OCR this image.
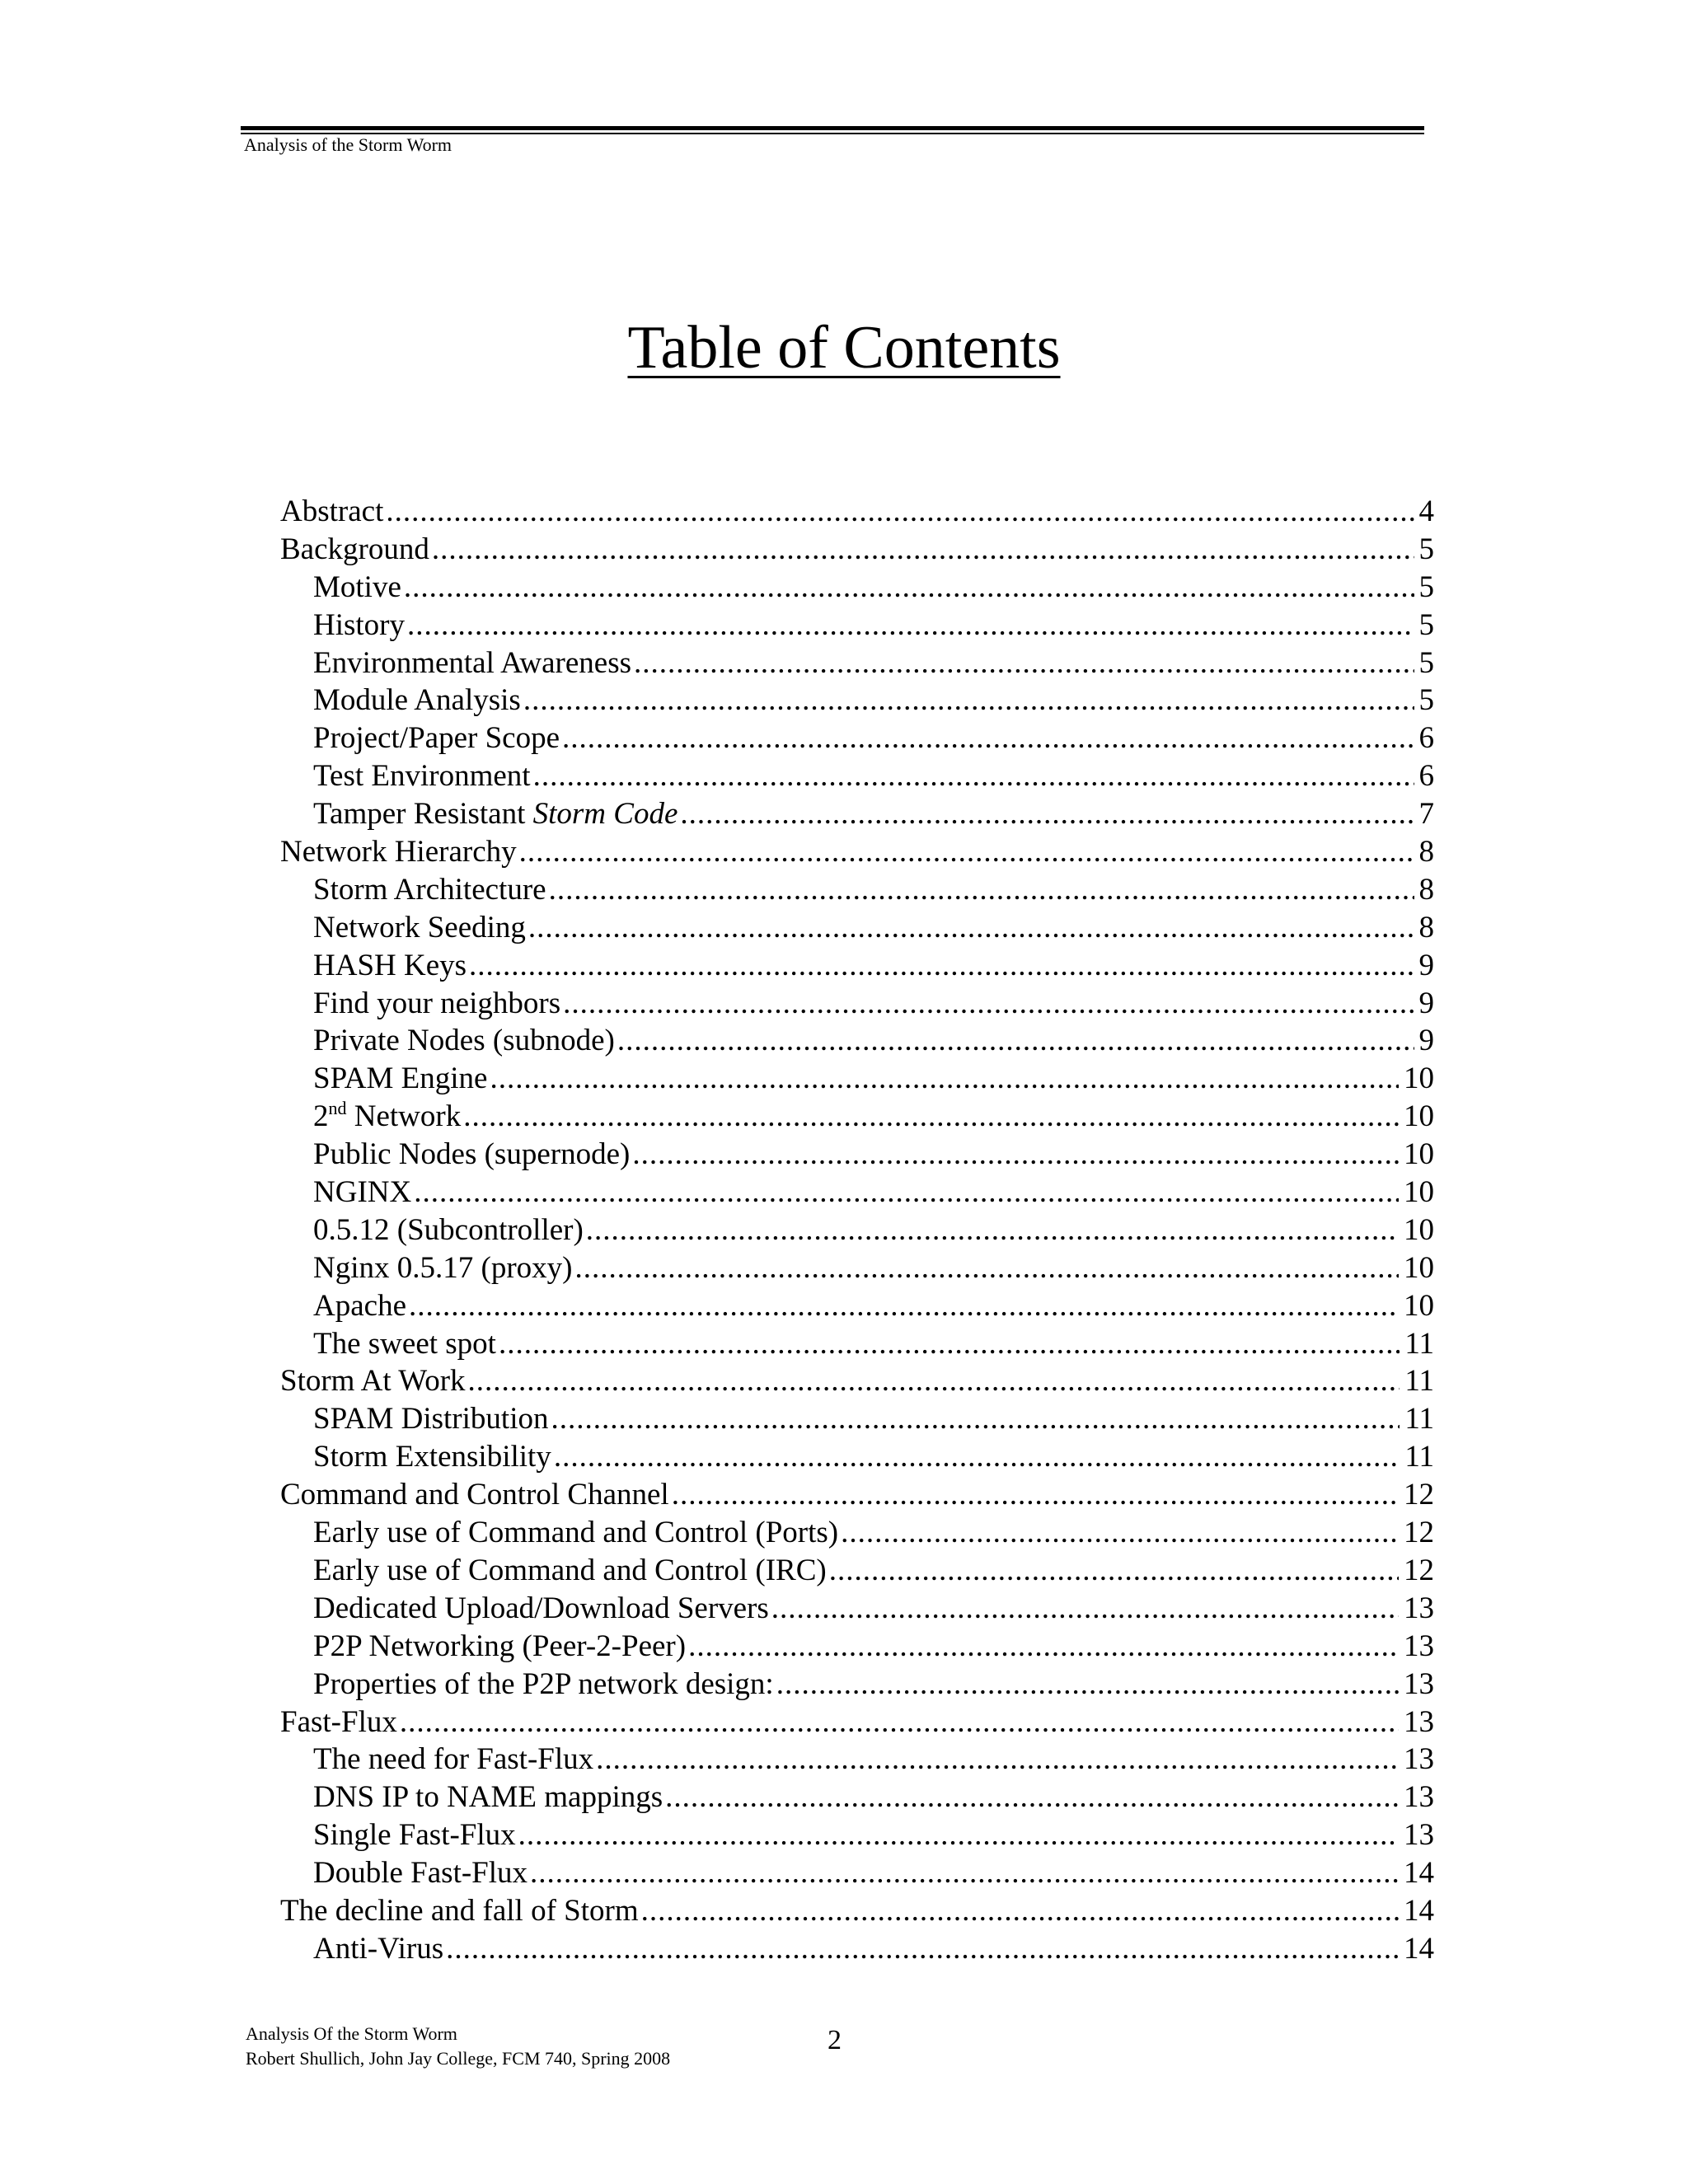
Analysis of the Storm Worm
Table of Contents
Abstract .....	4
Background .....	5
Motive .....	5
History .....	5
Environmental Awareness .....	5
Module Analysis .....	5
Project/Paper Scope .....	6
Test Environment .....	6
Tamper Resistant Storm Code .....	7
Network Hierarchy .....	8
Storm Architecture .....	8
Network Seeding .....	8
HASH Keys .....	9
Find your neighbors .....	9
Private Nodes (subnode) .....	9
SPAM Engine .....	10
2nd Network .....	10
Public Nodes (supernode) .....	10
NGINX .....	10
0.5.12 (Subcontroller) .....	10
Nginx 0.5.17 (proxy) .....	10
Apache .....	10
The sweet spot .....	11
Storm At Work .....	11
SPAM Distribution .....	11
Storm Extensibility .....	11
Command and Control Channel .....	12
Early use of Command and Control (Ports) .....	12
Early use of Command and Control (IRC) .....	12
Dedicated Upload/Download Servers .....	13
P2P Networking (Peer-2-Peer) .....	13
Properties of the P2P network design: .....	13
Fast-Flux .....	13
The need for Fast-Flux .....	13
DNS IP to NAME mappings .....	13
Single Fast-Flux .....	13
Double Fast-Flux .....	14
The decline and fall of Storm .....	14
Anti-Virus .....	14
Analysis Of the Storm Worm
Robert Shullich, John Jay College, FCM 740, Spring 2008
2
